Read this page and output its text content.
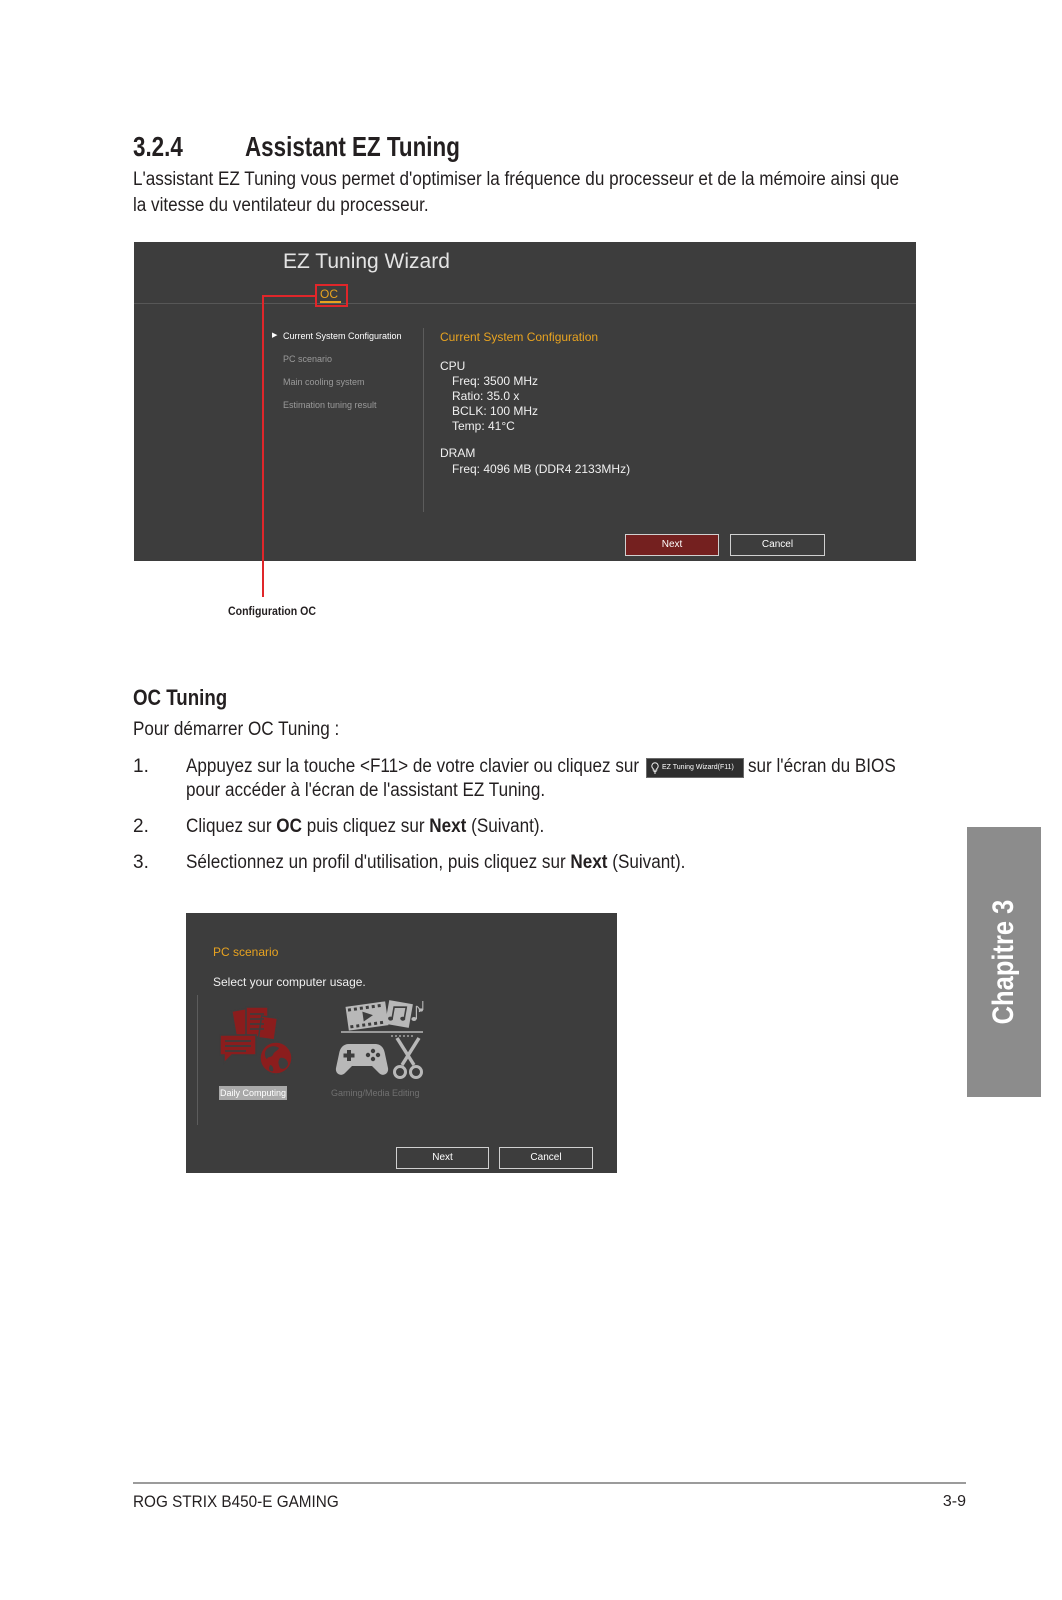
3.2.4 Assistant EZ Tuning
L'assistant EZ Tuning vous permet d'optimiser la fréquence du processeur et de la mémoire ainsi que
la vitesse du ventilateur du processeur.
EZ Tuning Wizard
OC
▶ Current System Configuration
PC scenario
Main cooling system
Estimation tuning result
Current System Configuration
CPU
Freq: 3500 MHz
Ratio: 35.0 x
BCLK: 100 MHz
Temp: 41°C
DRAM
Freq: 4096 MB (DDR4 2133MHz)
Next	Cancel
Configuration OC
OC Tuning
Pour démarrer OC Tuning :
1. Appuyez sur la touche <F11> de votre clavier ou cliquez sur	EZ Tuning Wizard(F11) sur l'écran du BIOS
pour accéder à l'écran de l'assistant EZ Tuning.
2. Cliquez sur OC puis cliquez sur Next (Suivant).
3. Sélectionnez un profil d'utilisation, puis cliquez sur Next (Suivant).
PC scenario
Select your computer usage.
Daily Computing	Gaming/Media Editing
Next	Cancel
Chapitre 3
ROG STRIX B450-E GAMING	3-9
